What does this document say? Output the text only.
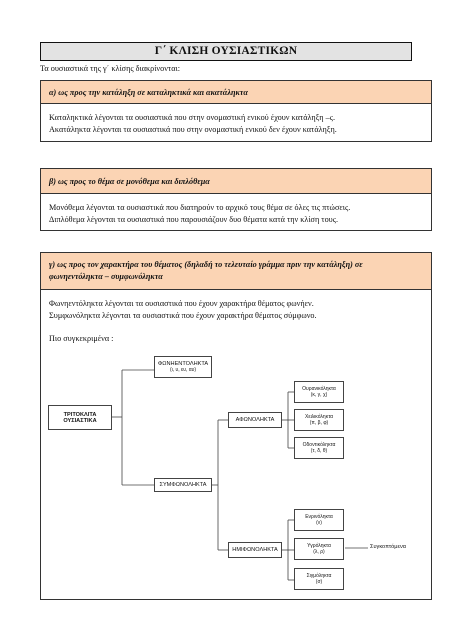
Γ΄ ΚΛΙΣΗ ΟΥΣΙΑΣΤΙΚΩΝ
Τα ουσιαστικά της γ΄ κλίσης διακρίνονται:
α) ως προς την κατάληξη σε καταληκτικά και ακατάληκτα
Καταληκτικά λέγονται τα ουσιαστικά που στην ονομαστική ενικού έχουν κατάληξη –ς.
Ακατάληκτα λέγονται τα ουσιαστικά που στην ονομαστική ενικού δεν έχουν κατάληξη.
β) ως προς το θέμα σε μονόθεμα και διπλόθεμα
Μονόθεμα λέγονται τα ουσιαστικά που διατηρούν το αρχικό τους θέμα σε όλες τις πτώσεις.
Διπλόθεμα λέγονται τα ουσιαστικά που παρουσιάζουν δυο θέματα κατά την κλίση τους.
γ) ως προς τον χαρακτήρα του θέματος (δηλαδή το τελευταίο γράμμα πριν την κατάληξη) σε
φωνηεντόληκτα – συμφωνόληκτα
Φωνηεντόληκτα λέγονται τα ουσιαστικά που έχουν χαρακτήρα θέματος φωνήεν.
Συμφωνόληκτα λέγονται τα ουσιαστικά που έχουν χαρακτήρα θέματος σύμφωνο.
Πιο συγκεκριμένα :
ΤΡΙΤΟΚΛΙΤΑ ΟΥΣΙΑΣΤΙΚΑ
ΦΩΝΗΕΝΤΟΛΗΚΤΑ
(ι, υ, ευ, αυ)
ΣΥΜΦΩΝΟΛΗΚΤΑ
ΑΦΩΝΟΛΗΚΤΑ
Ουρανικόληκτα
(κ, γ, χ)
Χειλικόληκτα
(π, β, φ)
Οδοντικόληκτα
(τ, δ, θ)
ΗΜΙΦΩΝΟΛΗΚΤΑ
Ενρινόληκτα
(ν)
Υγρόληκτα
(λ, ρ)
Σιγμόληκτα
(σ)
Συγκοπτόμενα
